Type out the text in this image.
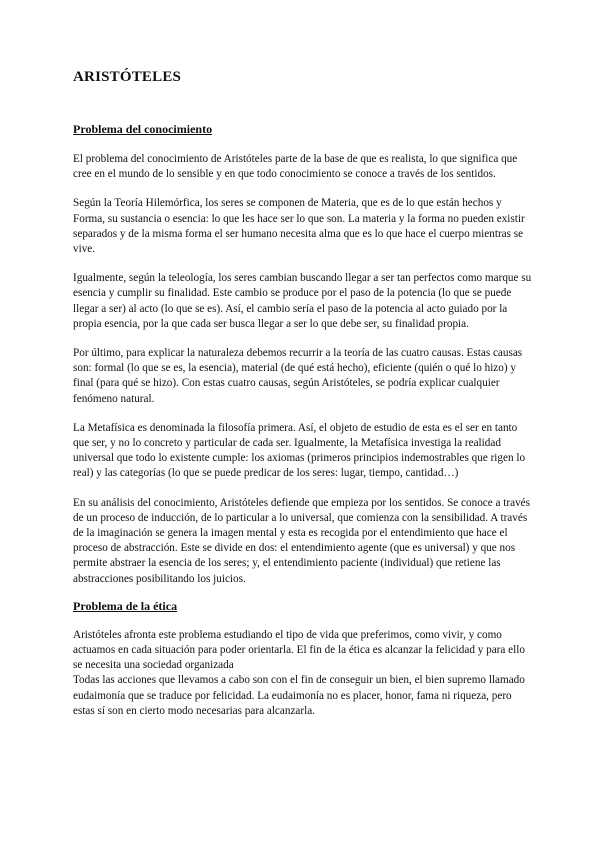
ARISTÓTELES
Problema del conocimiento

El problema del conocimiento de Aristóteles parte de la base de que es realista, lo que significa que cree en el mundo de lo sensible y en que todo conocimiento se conoce a través de los sentidos.

Según la Teoría Hilemórfica, los seres se componen de Materia, que es de lo que están hechos y Forma, su sustancia o esencia: lo que les hace ser lo que son. La materia y la forma no pueden existir separados y de la misma forma el ser humano necesita alma que es lo que hace el cuerpo mientras se vive.

Igualmente, según la teleología, los seres cambian buscando llegar a ser tan perfectos como marque su esencia y cumplir su finalidad. Este cambio se produce por el paso de la potencia (lo que se puede llegar a ser) al acto (lo que se es). Así, el cambio sería el paso de la potencia al acto guiado por la propia esencia, por la que cada ser busca llegar a ser lo que debe ser, su finalidad propia.

Por último, para explicar la naturaleza debemos recurrir a la teoría de las cuatro causas. Estas causas son: formal (lo que se es, la esencia), material (de qué está hecho), eficiente (quién o qué lo hizo) y final (para qué se hizo). Con estas cuatro causas, según Aristóteles, se podría explicar cualquier fenómeno natural.

La Metafísica es denominada la filosofía primera. Así, el objeto de estudio de esta es el ser en tanto que ser, y no lo concreto y particular de cada ser. Igualmente, la Metafísica investiga la realidad universal que todo lo existente cumple: los axiomas (primeros principios indemostrables que rigen lo real) y las categorías (lo que se puede predicar de los seres: lugar, tiempo, cantidad…)

En su análisis del conocimiento, Aristóteles defiende que empieza por los sentidos. Se conoce a través de un proceso de inducción, de lo particular a lo universal, que comienza con la sensibilidad. A través de la imaginación se genera la imagen mental y esta es recogida por el entendimiento que hace el proceso de abstracción. Este se divide en dos: el entendimiento agente (que es universal) y que nos permite abstraer la esencia de los seres; y, el entendimiento paciente (individual) que retiene las abstracciones posibilitando los juicios.

Problema de la ética

Aristóteles afronta este problema estudiando el tipo de vida que preferimos, como vivir, y como actuamos en cada situación para poder orientarla. El fin de la ética es alcanzar la felicidad y para ello se necesita una sociedad organizada

Todas las acciones que llevamos a cabo son con el fin de conseguir un bien, el bien supremo llamado eudaimonía que se traduce por felicidad. La eudaimonía no es placer, honor, fama ni riqueza, pero estas sí son en cierto modo necesarias para alcanzarla.
